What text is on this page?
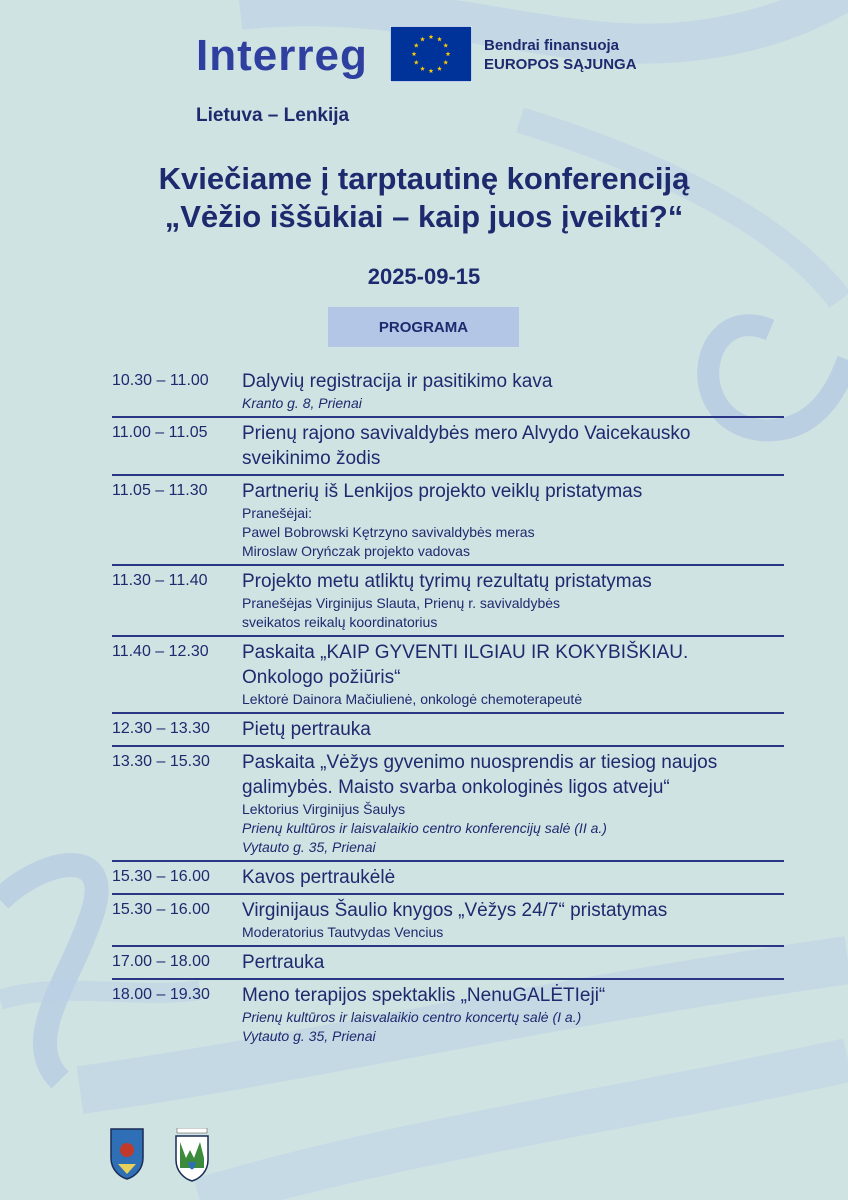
Interreg
Lietuva – Lenkija
Bendrai finansuoja
EUROPOS SĄJUNGA
Kviečiame į tarptautinę konferenciją
„Vėžio iššūkiai – kaip juos įveikti?“
2025-09-15
PROGRAMA
10.30 – 11.00	Dalyvių registracija ir pasitikimo kava
Kranto g. 8, Prienai
11.00 – 11.05	Prienų rajono savivaldybės mero Alvydo Vaicekausko
sveikinimo žodis
11.05 – 11.30	Partnerių iš Lenkijos projekto veiklų pristatymas
Pranešėjai:
Pawel Bobrowski Kętrzyno savivaldybės meras
Miroslaw Oryńczak projekto vadovas
11.30 – 11.40	Projekto metu atliktų tyrimų rezultatų pristatymas
Pranešėjas Virginijus Slauta, Prienų r. savivaldybės
sveikatos reikalų koordinatorius
11.40 – 12.30	Paskaita „KAIP GYVENTI ILGIAU IR KOKYBIŠKIAU.
Onkologo požiūris“
Lektorė Dainora Mačiulienė, onkologė chemoterapeutė
12.30 – 13.30	Pietų pertrauka
13.30 – 15.30	Paskaita „Vėžys gyvenimo nuosprendis ar tiesiog naujos
galimybės. Maisto svarba onkologinės ligos atveju“
Lektorius Virginijus Šaulys
Prienų kultūros ir laisvalaikio centro konferencijų salė (II a.)
Vytauto g. 35, Prienai
15.30 – 16.00	Kavos pertraukėlė
15.30 – 16.00	Virginijaus Šaulio knygos „Vėžys 24/7“ pristatymas
Moderatorius Tautvydas Vencius
17.00 – 18.00	Pertrauka
18.00 – 19.30	Meno terapijos spektaklis „NenuGALĖTIeji“
Prienų kultūros ir laisvalaikio centro koncertų salė (I a.)
Vytauto g. 35, Prienai
